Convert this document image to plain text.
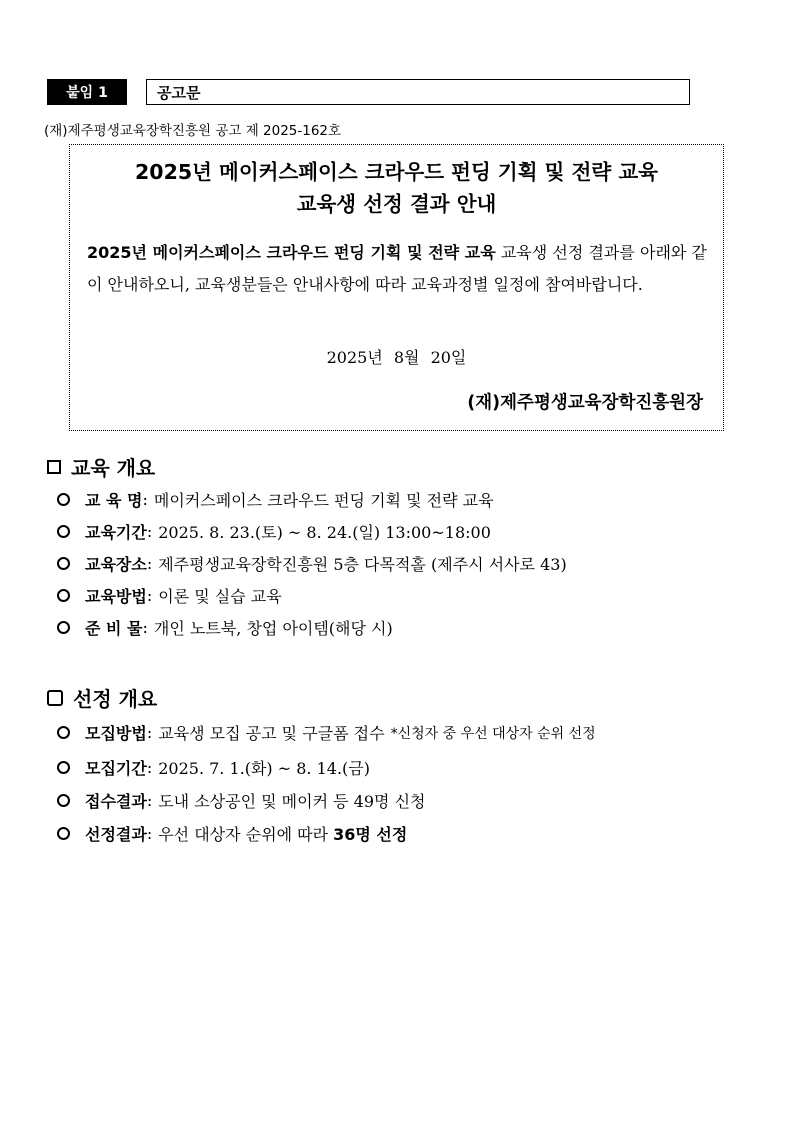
붙임 1	공고문
(재)제주평생교육장학진흥원 공고 제 2025-162호
2025년 메이커스페이스 크라우드 펀딩 기획 및 전략 교육
교육생 선정 결과 안내
2025년 메이커스페이스 크라우드 펀딩 기획 및 전략 교육 교육생 선정 결과를 아래와 같이 안내하오니, 교육생분들은 안내사항에 따라 교육과정별 일정에 참여바랍니다.
2025년 8월 20일
(재)제주평생교육장학진흥원장
교육 개요
교 육 명 : 메이커스페이스 크라우드 펀딩 기획 및 전략 교육
교육기간 : 2025. 8. 23.(토) ~ 8. 24.(일) 13:00~18:00
교육장소 : 제주평생교육장학진흥원 5층 다목적홀 (제주시 서사로 43)
교육방법 : 이론 및 실습 교육
준 비 물 : 개인 노트북, 창업 아이템(해당 시)
선정 개요
모집방법 : 교육생 모집 공고 및 구글폼 접수 *신청자 중 우선 대상자 순위 선정
모집기간 : 2025. 7. 1.(화) ~ 8. 14.(금)
접수결과 : 도내 소상공인 및 메이커 등 49명 신청
선정결과 : 우선 대상자 순위에 따라 36명 선정
